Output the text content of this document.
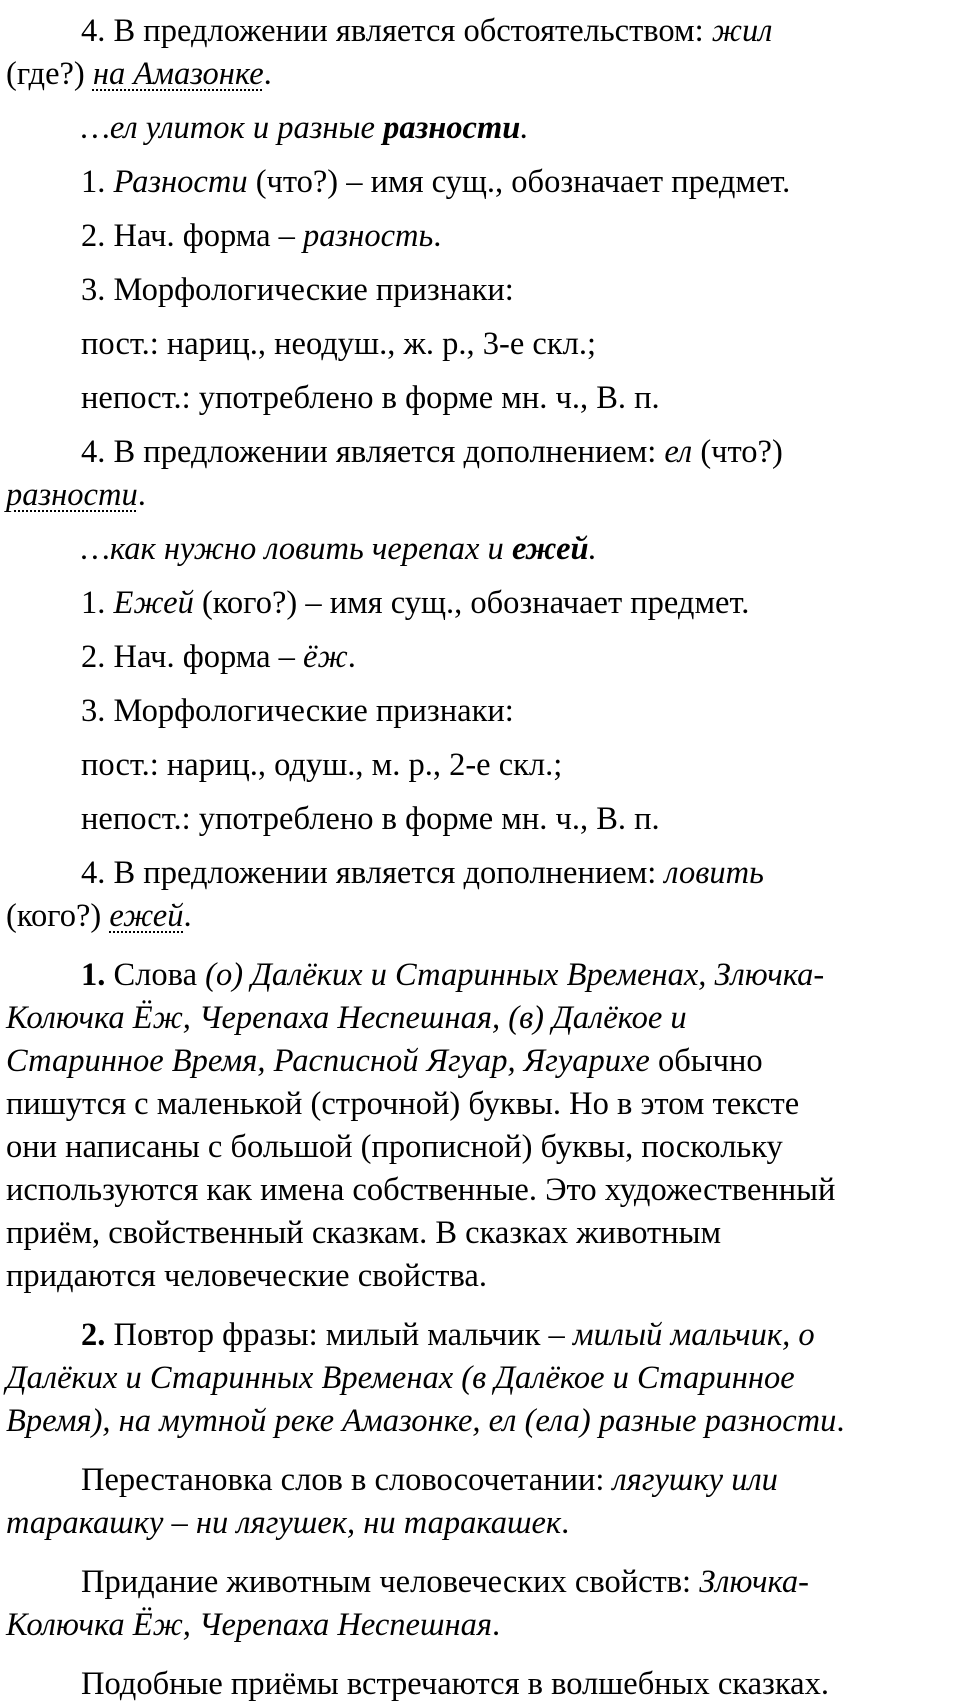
4. В предложении является обстоятельством: жил
(где?) на Амазонке.
…ел улиток и разные разности.
1. Разности (что?) – имя сущ., обозначает предмет.
2. Нач. форма – разность.
3. Морфологические признаки:
пост.: нариц., неодуш., ж. р., 3-е скл.;
непост.: употреблено в форме мн. ч., В. п.
4. В предложении является дополнением: ел (что?)
разности.
…как нужно ловить черепах и ежей.
1. Ежей (кого?) – имя сущ., обозначает предмет.
2. Нач. форма – ёж.
3. Морфологические признаки:
пост.: нариц., одуш., м. р., 2-е скл.;
непост.: употреблено в форме мн. ч., В. п.
4. В предложении является дополнением: ловить
(кого?) ежей.
1. Слова (о) Далёких и Старинных Временах, Злючка-
Колючка Ёж, Черепаха Неспешная, (в) Далёкое и
Старинное Время, Расписной Ягуар, Ягуарихе обычно
пишутся с маленькой (строчной) буквы. Но в этом тексте
они написаны с большой (прописной) буквы, поскольку
используются как имена собственные. Это художественный
приём, свойственный сказкам. В сказках животным
придаются человеческие свойства.
2. Повтор фразы: милый мальчик – милый мальчик, о
Далёких и Старинных Временах (в Далёкое и Старинное
Время), на мутной реке Амазонке, ел (ела) разные разности.
Перестановка слов в словосочетании: лягушку или
таракашку – ни лягушек, ни таракашек.
Придание животным человеческих свойств: Злючка-
Колючка Ёж, Черепаха Неспешная.
Подобные приёмы встречаются в волшебных сказках.
